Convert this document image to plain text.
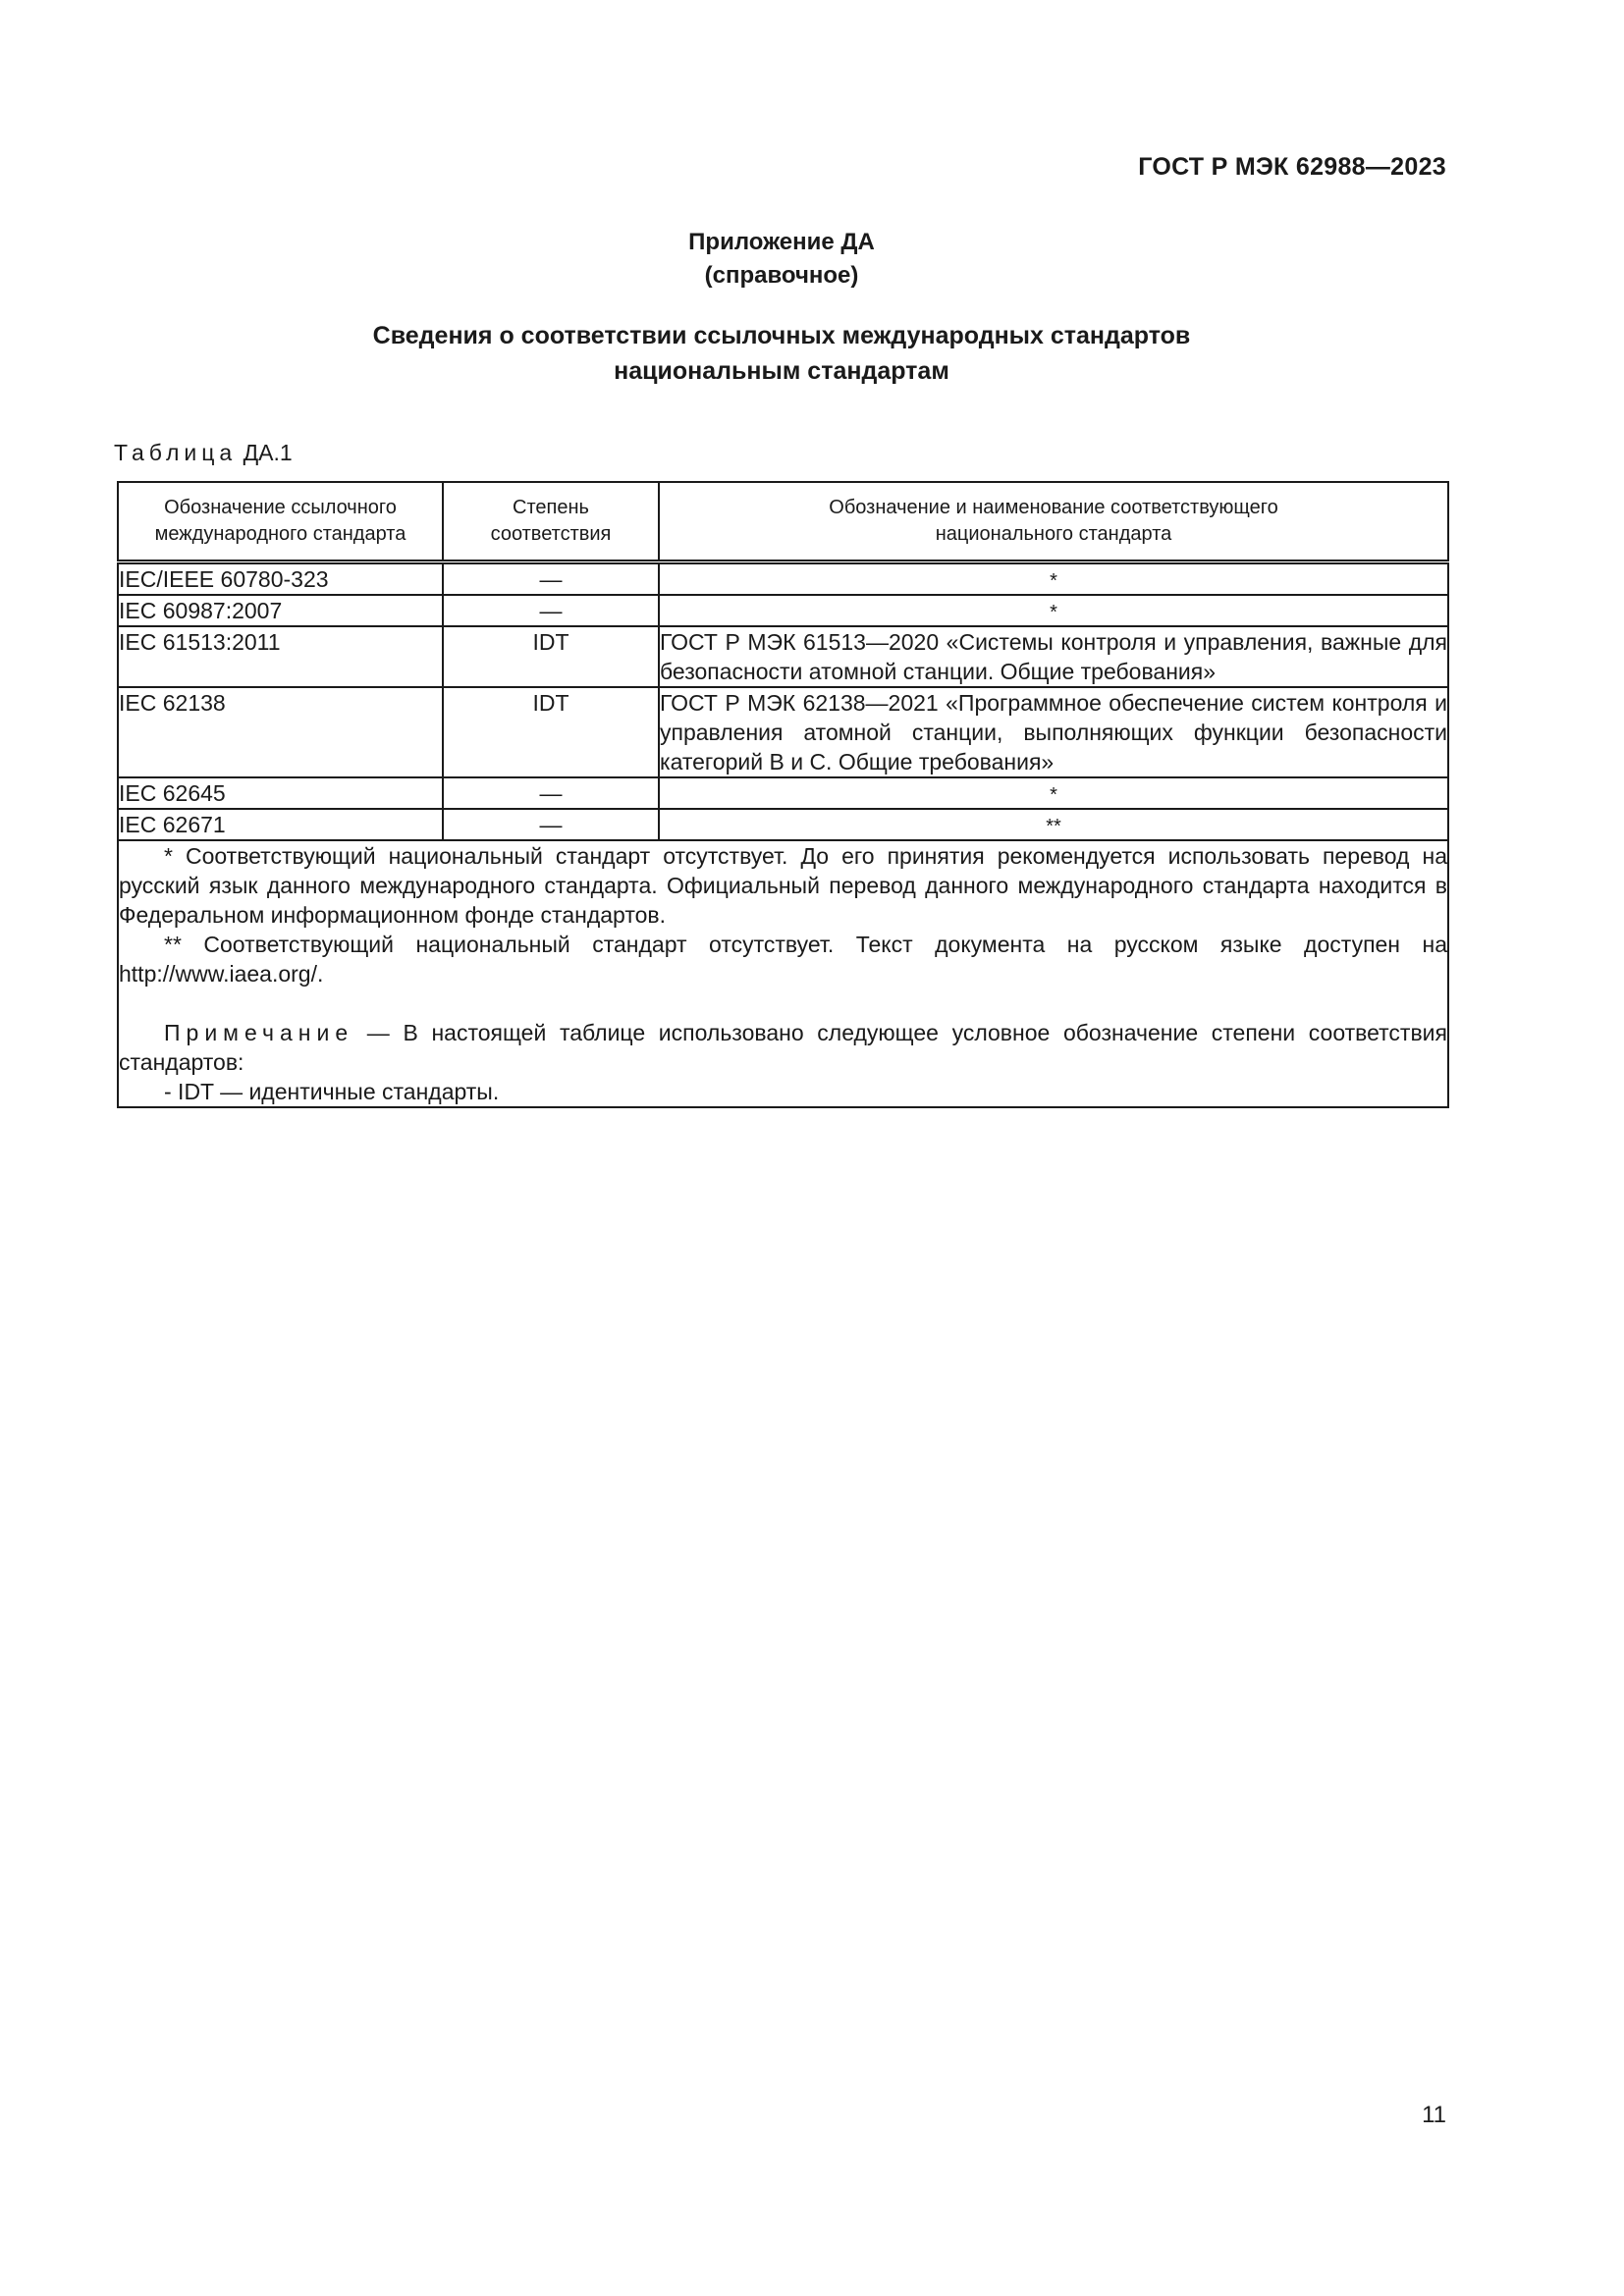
ГОСТ Р МЭК 62988—2023
Приложение ДА
(справочное)
Сведения о соответствии ссылочных международных стандартов
национальным стандартам
Таблица ДА.1
Обозначение ссылочного международного стандарта	Степень соответствия	Обозначение и наименование соответствующего национального стандарта
IEC/IEEE 60780-323	—	*
IEC 60987:2007	—	*
IEC 61513:2011	IDT	ГОСТ Р МЭК 61513—2020 «Системы контроля и управления, важные для безопасности атомной станции. Общие требования»
IEC 62138	IDT	ГОСТ Р МЭК 62138—2021 «Программное обеспечение систем контроля и управления атомной станции, выполняющих функции безопасности категорий В и С. Общие требования»
IEC 62645	—	*
IEC 62671	—	**

* Соответствующий национальный стандарт отсутствует. До его принятия рекомендуется использовать перевод на русский язык данного международного стандарта. Официальный перевод данного международного стандарта находится в Федеральном информационном фонде стандартов.

** Соответствующий национальный стандарт отсутствует. Текст документа на русском языке доступен на http://www.iaea.org/.

Примечание — В настоящей таблице использовано следующее условное обозначение степени соответствия стандартов:

- IDT — идентичные стандарты.		

11
